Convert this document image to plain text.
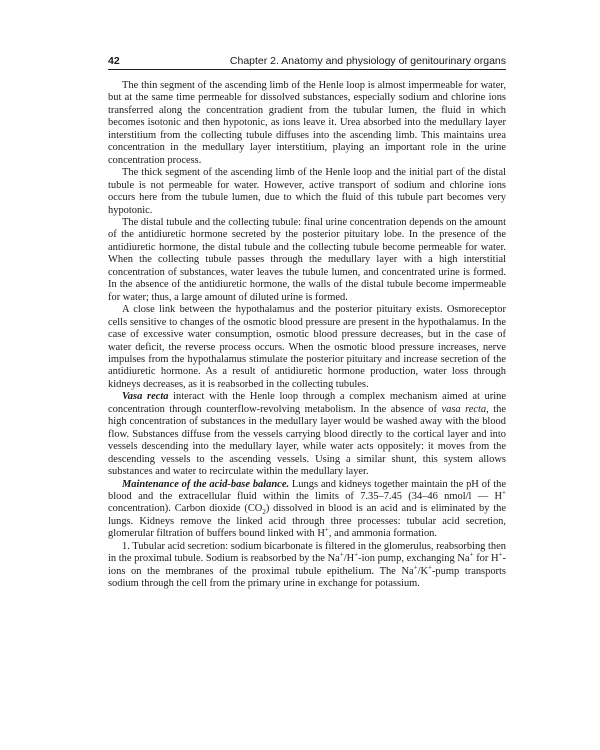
42	Chapter 2. Anatomy and physiology of genitourinary organs

The thin segment of the ascending limb of the Henle loop is almost impermeable for water, but at the same time permeable for dissolved substances, especially sodium and chlorine ions transferred along the concentration gradient from the tubular lumen, the fluid in which becomes isotonic and then hypotonic, as ions leave it. Urea absorbed into the medullary layer interstitium from the collecting tubule diffuses into the ascending limb. This maintains urea concentration in the medullary layer interstitium, playing an important role in the urine concentration process.

The thick segment of the ascending limb of the Henle loop and the initial part of the distal tubule is not permeable for water. However, active transport of sodium and chlorine ions occurs here from the tubule lumen, due to which the fluid of this tubule part becomes very hypotonic.

The distal tubule and the collecting tubule: final urine concentration depends on the amount of the antidiuretic hormone secreted by the posterior pituitary lobe. In the presence of the antidiuretic hormone, the distal tubule and the collecting tubule become permeable for water. When the collecting tubule passes through the medullary layer with a high interstitial concentration of substances, water leaves the tubule lumen, and concentrated urine is formed. In the absence of the antidiuretic hormone, the walls of the distal tubule become impermeable for water; thus, a large amount of diluted urine is formed.

A close link between the hypothalamus and the posterior pituitary exists. Osmoreceptor cells sensitive to changes of the osmotic blood pressure are present in the hypothalamus. In the case of excessive water consumption, osmotic blood pressure decreases, but in the case of water deficit, the reverse process occurs. When the osmotic blood pressure increases, nerve impulses from the hypothalamus stimulate the posterior pituitary and increase secretion of the antidiuretic hormone. As a result of antidiuretic hormone production, water loss through kidneys decreases, as it is reabsorbed in the collecting tubules.

Vasa recta interact with the Henle loop through a complex mechanism aimed at urine concentration through counterflow-revolving metabolism. In the absence of vasa recta, the high concentration of substances in the medullary layer would be washed away with the blood flow. Substances diffuse from the vessels carrying blood directly to the cortical layer and into vessels descending into the medullary layer, while water acts oppositely: it moves from the descending vessels to the ascending vessels. Using a similar shunt, this system allows substances and water to recirculate within the medullary layer.

Maintenance of the acid-base balance. Lungs and kidneys together maintain the pH of the blood and the extracellular fluid within the limits of 7.35–7.45 (34–46 nmol/l — H+ concentration). Carbon dioxide $(CO_2)$ dissolved in blood is an acid and is eliminated by the lungs. Kidneys remove the linked acid through three processes: tubular acid secretion, glomerular filtration of buffers bound linked with H+, and ammonia formation.

1. Tubular acid secretion: sodium bicarbonate is filtered in the glomerulus, reabsorbing then in the proximal tubule. Sodium is reabsorbed by the Na+/H+-ion pump, exchanging Na+ for H+-ions on the membranes of the proximal tubule epithelium. The Na+/K+-pump transports sodium through the cell from the primary urine in exchange for potassium.
